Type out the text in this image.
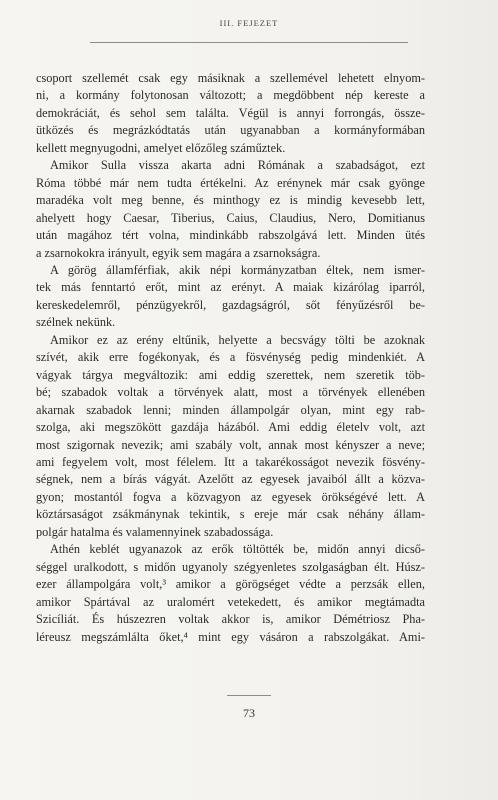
III. FEJEZET
csoport szellemét csak egy másiknak a szellemével lehetett elnyom-
ni, a kormány folytonosan változott; a megdöbbent nép kereste a
demokráciát, és sehol sem találta. Végül is annyi forrongás, össze-
ütközés és megrázkódtatás után ugyanabban a kormányformában
kellett megnyugodni, amelyet előzőleg száműztek.
Amikor Sulla vissza akarta adni Rómának a szabadságot, ezt
Róma többé már nem tudta értékelni. Az erénynek már csak gyönge
maradéka volt meg benne, és minthogy ez is mindig kevesebb lett,
ahelyett hogy Caesar, Tiberius, Caius, Claudius, Nero, Domitianus
után magához tért volna, mindinkább rabszolgává lett. Minden ütés
a zsarnokokra irányult, egyik sem magára a zsarnokságra.
A görög államférfiak, akik népi kormányzatban éltek, nem ismer-
tek más fenntartó erőt, mint az erényt. A maiak kizárólag iparról,
kereskedelemről, pénzügyekről, gazdagságról, sőt fényűzésről be-
szélnek nekünk.
Amikor ez az erény eltűnik, helyette a becsvágy tölti be azoknak
szívét, akik erre fogékonyak, és a fösvénység pedig mindenkiét. A
vágyak tárgya megváltozik: ami eddig szerettek, nem szeretik töb-
bé; szabadok voltak a törvények alatt, most a törvények ellenében
akarnak szabadok lenni; minden állampolgár olyan, mint egy rab-
szolga, aki megszökött gazdája házából. Ami eddig életelv volt, azt
most szigornak nevezik; ami szabály volt, annak most kényszer a neve;
ami fegyelem volt, most félelem. Itt a takarékosságot nevezik fösvény-
ségnek, nem a bírás vágyát. Azelőtt az egyesek javaiból állt a közva-
gyon; mostantól fogva a közvagyon az egyesek örökségévé lett. A
köztársaságot zsákmánynak tekintik, s ereje már csak néhány állam-
polgár hatalma és valamennyinek szabadossága.
Athén keblét ugyanazok az erők töltötték be, midőn annyi dicső-
séggel uralkodott, s midőn ugyanoly szégyenletes szolgaságban élt. Húsz-
ezer állampolgára volt,³ amikor a görögséget védte a perzsák ellen,
amikor Spártával az uralomért vetekedett, és amikor megtámadta
Szicíliát. És húszezren voltak akkor is, amikor Démétriosz Pha-
léreusz megszámlálta őket,⁴ mint egy vásáron a rabszolgákat. Ami-
73
